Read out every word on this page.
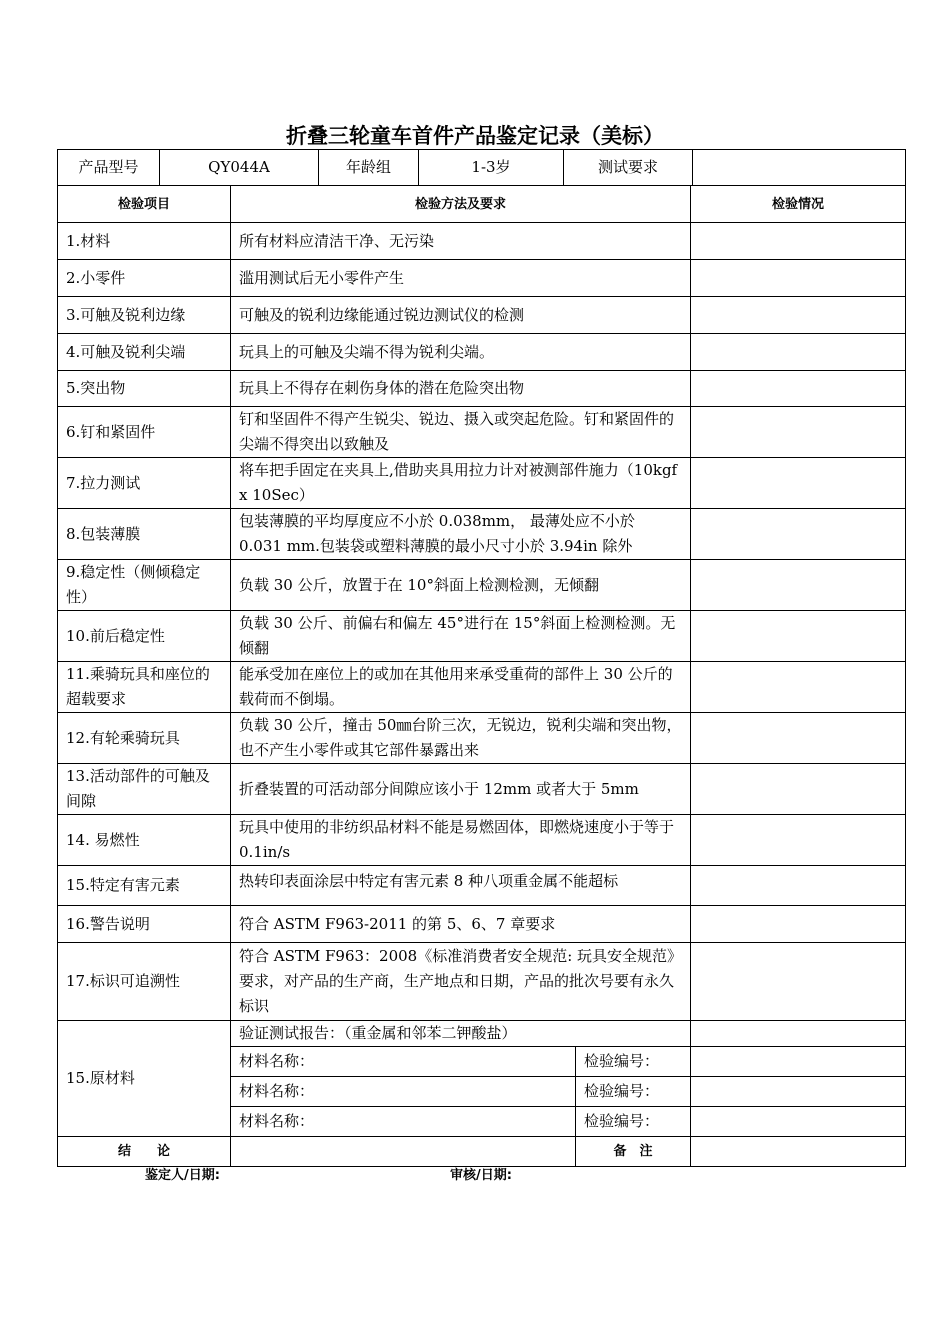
折叠三轮童车首件产品鉴定记录（美标）
产品型号	QY044A	年龄组	1-3岁	测试要求	
检验项目	检验方法及要求		检验情况
1.材料	所有材料应清洁干净、无污染		
2.小零件	滥用测试后无小零件产生		
3.可触及锐利边缘	可触及的锐利边缘能通过锐边测试仪的检测		
4.可触及锐利尖端	玩具上的可触及尖端不得为锐利尖端。		
5.突出物	玩具上不得存在刺伤身体的潜在危险突出物		
6.钉和紧固件	钉和坚固件不得产生锐尖、锐边、摄入或突起危险。钉和紧固件的尖端不得突出以致触及		
7.拉力测试	将车把手固定在夹具上,借助夹具用拉力计对被测部件施力（10kgf x 10Sec）		
8.包装薄膜	包装薄膜的平均厚度应不小於 0.038mm， 最薄处应不小於 0.031 mm.包装袋或塑料薄膜的最小尺寸小於 3.94in 除外		
9.稳定性（侧倾稳定性）	负载 30 公斤，放置于在 10°斜面上检测检测，无倾翻		
10.前后稳定性	负载 30 公斤、前偏右和偏左 45°进行在 15°斜面上检测检测。无倾翻		
11.乘骑玩具和座位的超载要求	能承受加在座位上的或加在其他用来承受重荷的部件上 30 公斤的载荷而不倒塌。		
12.有轮乘骑玩具	负载 30 公斤，撞击 50㎜台阶三次，无锐边，锐利尖端和突出物，也不产生小零件或其它部件暴露出来		
13.活动部件的可触及间隙	折叠装置的可活动部分间隙应该小于 12mm 或者大于 5mm		
14. 易燃性	玩具中使用的非纺织品材料不能是易燃固体，即燃烧速度小于等于 0.1in/s		
15.特定有害元素	热转印表面涂层中特定有害元素 8 种八项重金属不能超标		
16.警告说明	符合 ASTM F963-2011 的第 5、6、7 章要求		
17.标识可追溯性	符合 ASTM F963：2008《标准消费者安全规范: 玩具安全规范》要求，对产品的生产商，生产地点和日期，产品的批次号要有永久标识		
15.原材料	验证测试报告：（重金属和邻苯二钾酸盐）		
	材料名称：	检验编号：	
	材料名称：	检验编号：	
	材料名称：	检验编号：	
结　　论		备　注	
鉴定人/日期:	审核/日期:
